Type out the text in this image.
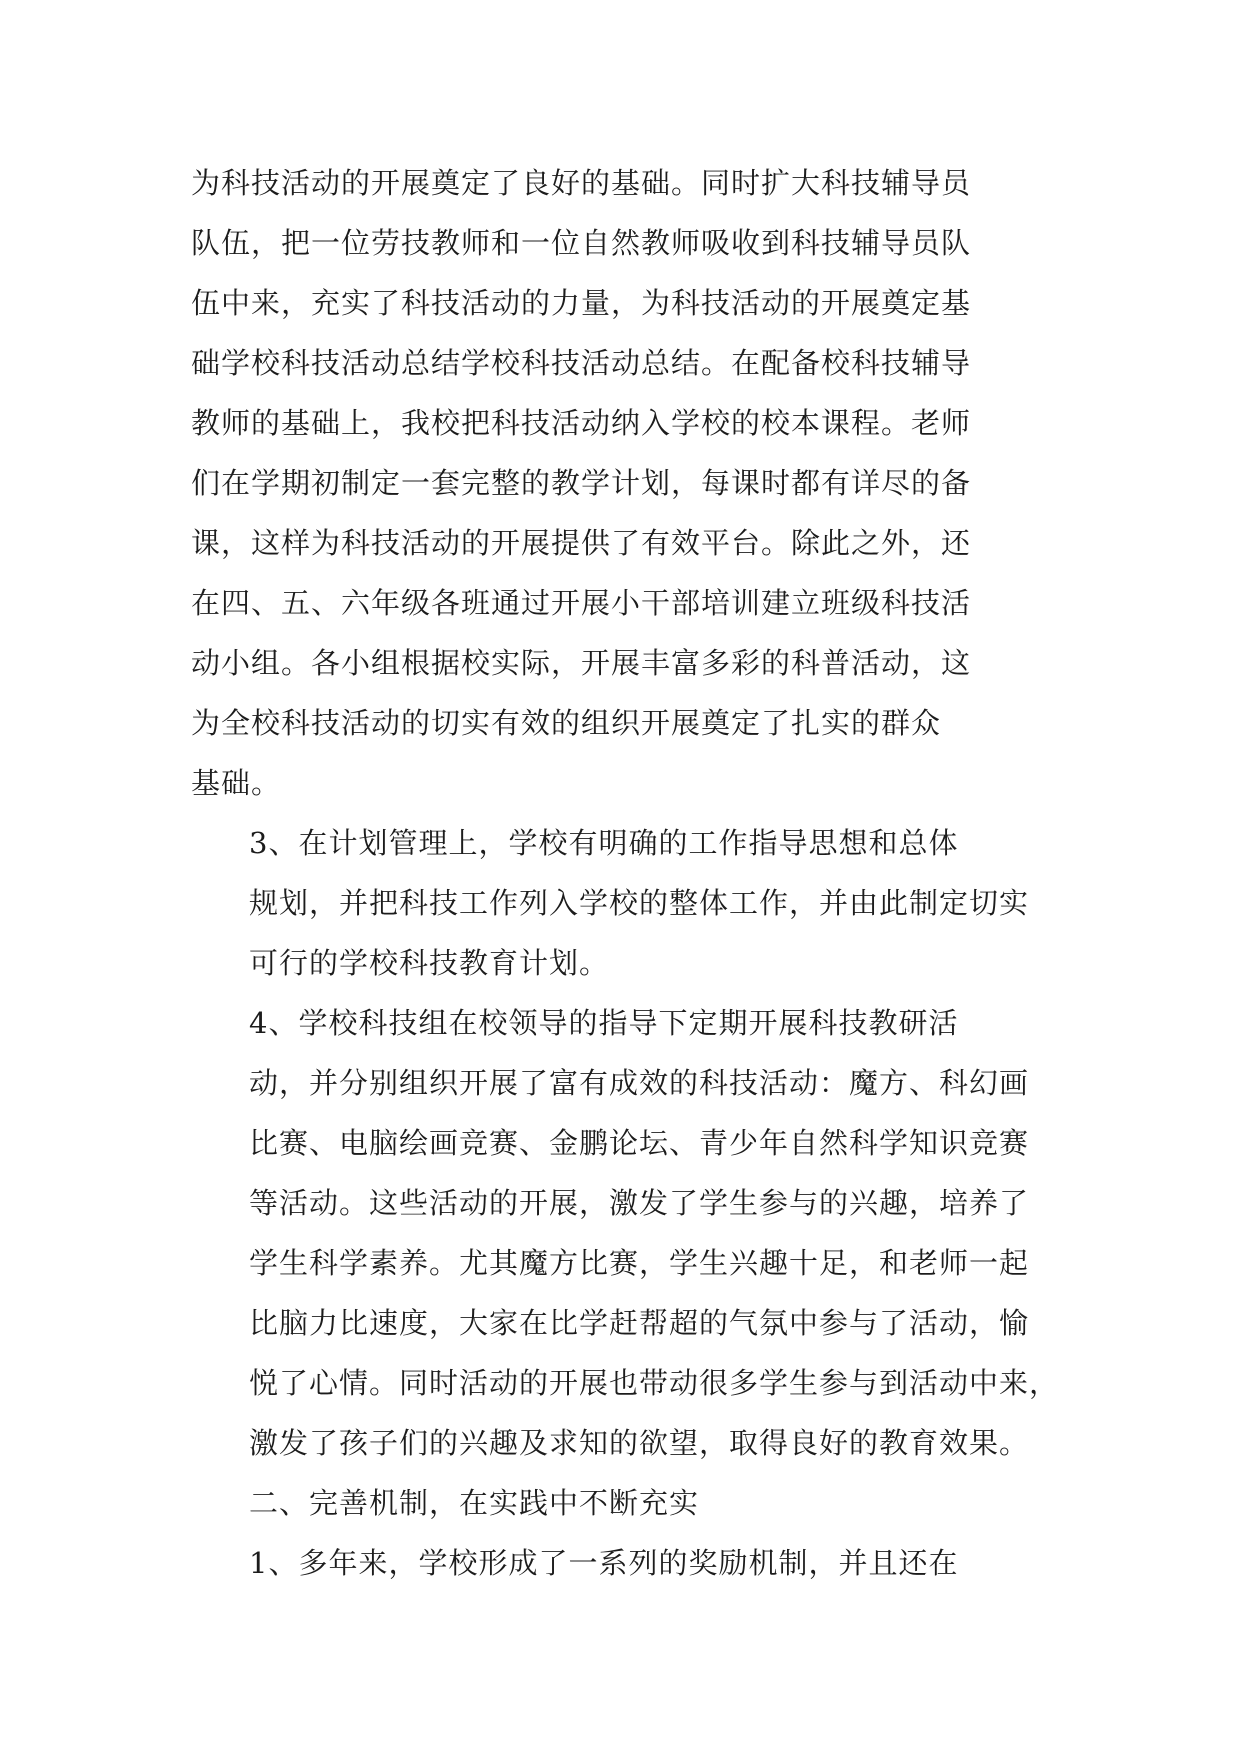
为科技活动的开展奠定了良好的基础。同时扩大科技辅导员
队伍，把一位劳技教师和一位自然教师吸收到科技辅导员队
伍中来，充实了科技活动的力量，为科技活动的开展奠定基
础学校科技活动总结学校科技活动总结。在配备校科技辅导
教师的基础上，我校把科技活动纳入学校的校本课程。老师
们在学期初制定一套完整的教学计划，每课时都有详尽的备
课，这样为科技活动的开展提供了有效平台。除此之外，还
在四、五、六年级各班通过开展小干部培训建立班级科技活
动小组。各小组根据校实际，开展丰富多彩的科普活动，这
为全校科技活动的切实有效的组织开展奠定了扎实的群众
基础。
3、在计划管理上，学校有明确的工作指导思想和总体
规划，并把科技工作列入学校的整体工作，并由此制定切实
可行的学校科技教育计划。
4、学校科技组在校领导的指导下定期开展科技教研活
动，并分别组织开展了富有成效的科技活动：魔方、科幻画
比赛、电脑绘画竞赛、金鹏论坛、青少年自然科学知识竞赛
等活动。这些活动的开展，激发了学生参与的兴趣，培养了
学生科学素养。尤其魔方比赛，学生兴趣十足，和老师一起
比脑力比速度，大家在比学赶帮超的气氛中参与了活动，愉
悦了心情。同时活动的开展也带动很多学生参与到活动中来，
激发了孩子们的兴趣及求知的欲望，取得良好的教育效果。
二、完善机制，在实践中不断充实
1、多年来，学校形成了一系列的奖励机制，并且还在
